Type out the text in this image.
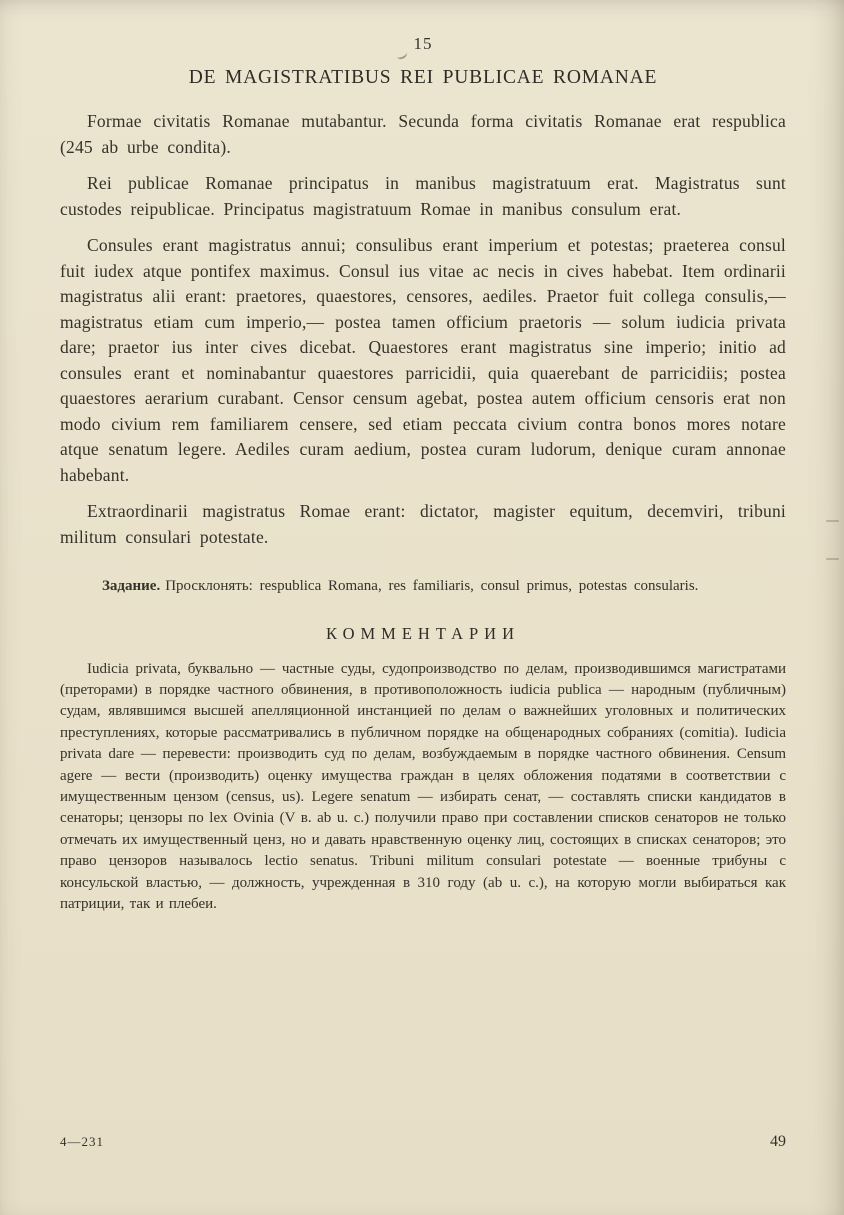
15
DE MAGISTRATIBUS REI PUBLICAE ROMANAE

Formae civitatis Romanae mutabantur. Secunda forma civitatis Romanae erat respublica (245 ab urbe condita).

Rei publicae Romanae principatus in manibus magistratuum erat. Magistratus sunt custodes reipublicae. Principatus magistratuum Romae in manibus consulum erat.

Consules erant magistratus annui; consulibus erant imperium et potestas; praeterea consul fuit iudex atque pontifex maximus. Consul ius vitae ac necis in cives habebat. Item ordinarii magistratus alii erant: praetores, quaestores, censores, aediles. Praetor fuit collega consulis,— magistratus etiam cum imperio,— postea tamen officium praetoris — solum iudicia privata dare; praetor ius inter cives dicebat. Quaestores erant magistratus sine imperio; initio ad consules erant et nominabantur quaestores parricidii, quia quaerebant de parricidiis; postea quaestores aerarium curabant. Censor censum agebat, postea autem officium censoris erat non modo civium rem familiarem censere, sed etiam peccata civium contra bonos mores notare atque senatum legere. Aediles curam aedium, postea curam ludorum, denique curam annonae habebant.

Extraordinarii magistratus Romae erant: dictator, magister equitum, decemviri, tribuni militum consulari potestate.

Задание. Просклонять: respublica Romana, res familiaris, consul primus, potestas consularis.

КОММЕНТАРИИ

Iudicia privata, буквально — частные суды, судопроизводство по делам, производившимся магистратами (преторами) в порядке частного обвинения, в противоположность iudicia publica — народным (публичным) судам, являвшимся высшей апелляционной инстанцией по делам о важнейших уголовных и политических преступлениях, которые рассматривались в публичном порядке на общенародных собраниях (comitia). Iudicia privata dare — перевести: производить суд по делам, возбуждаемым в порядке частного обвинения. Censum agere — вести (производить) оценку имущества граждан в целях обложения податями в соответствии с имущественным цензом (census, us). Legere senatum — избирать сенат, — составлять списки кандидатов в сенаторы; цензоры по lex Ovinia (V в. ab u. c.) получили право при составлении списков сенаторов не только отмечать их имущественный ценз, но и давать нравственную оценку лиц, состоящих в списках сенаторов; это право цензоров называлось lectio senatus. Tribuni militum consulari potestate — военные трибуны с консульской властью, — должность, учрежденная в 310 году (ab u. c.), на которую могли выбираться как патриции, так и плебеи.

4—231	49
